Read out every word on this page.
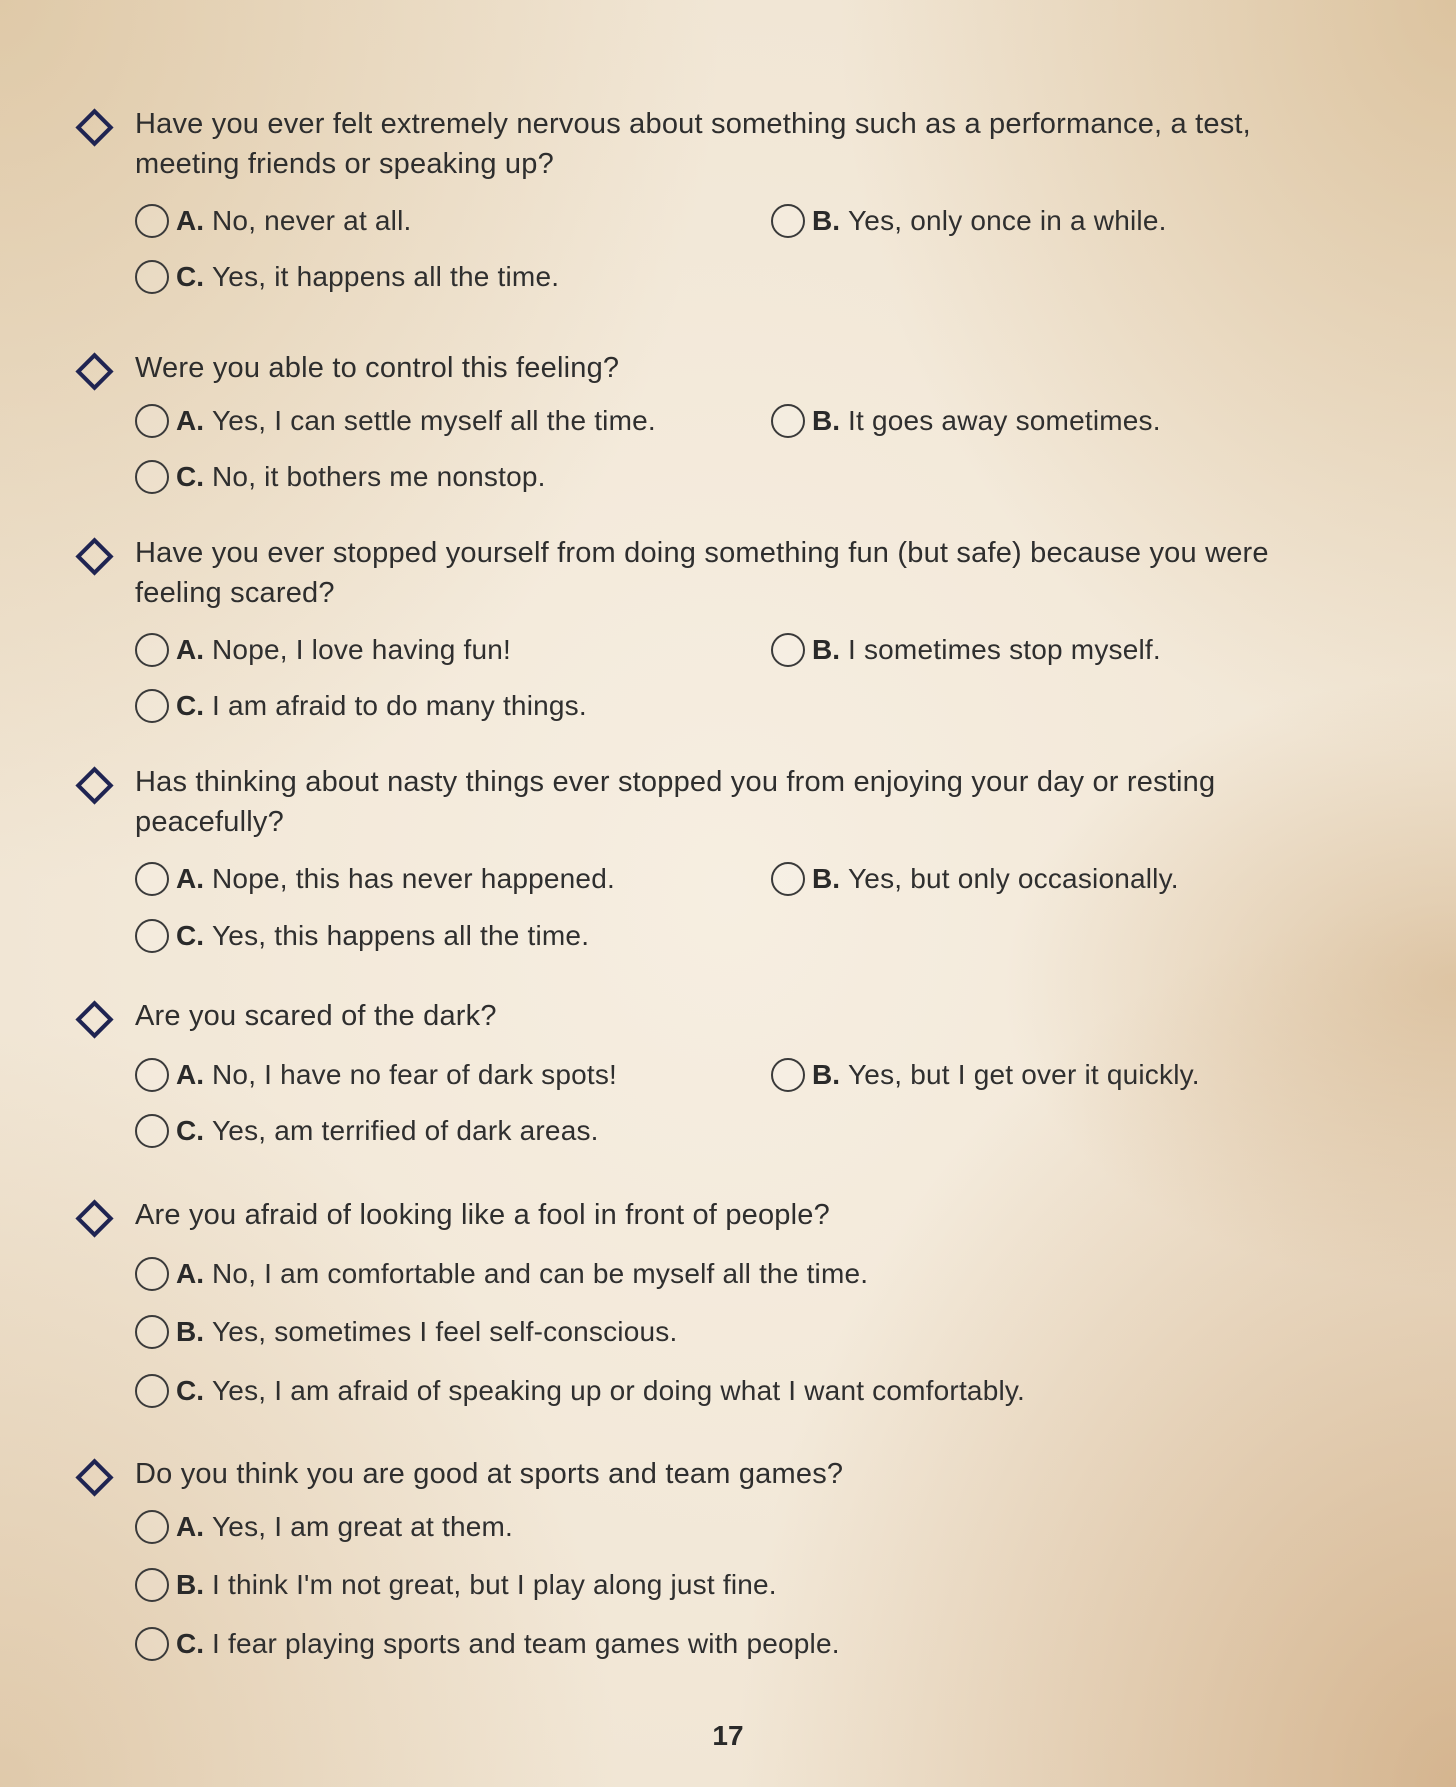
Have you ever felt extremely nervous about something such as a performance, a test, meeting friends or speaking up?
A. No, never at all.	B. Yes, only once in a while.
C. Yes, it happens all the time.
Were you able to control this feeling?
A. Yes, I can settle myself all the time.	B. It goes away sometimes.
C. No, it bothers me nonstop.
Have you ever stopped yourself from doing something fun (but safe) because you were feeling scared?
A. Nope, I love having fun!	B. I sometimes stop myself.
C. I am afraid to do many things.
Has thinking about nasty things ever stopped you from enjoying your day or resting peacefully?
A. Nope, this has never happened.	B. Yes, but only occasionally.
C. Yes, this happens all the time.
Are you scared of the dark?
A. No, I have no fear of dark spots!	B. Yes, but I get over it quickly.
C. Yes, am terrified of dark areas.
Are you afraid of looking like a fool in front of people?
A. No, I am comfortable and can be myself all the time.
B. Yes, sometimes I feel self-conscious.
C. Yes, I am afraid of speaking up or doing what I want comfortably.
Do you think you are good at sports and team games?
A. Yes, I am great at them.
B. I think I'm not great, but I play along just fine.
C. I fear playing sports and team games with people.
17
